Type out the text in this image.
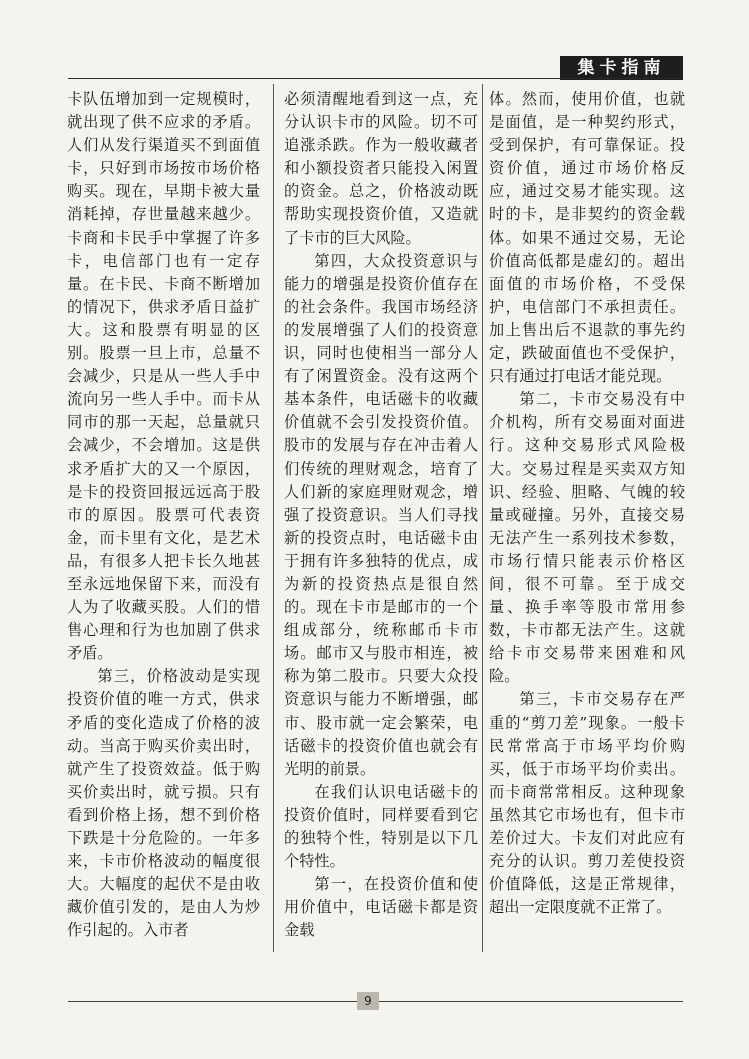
集卡指南

卡队伍增加到一定规模时，就出现了供不应求的矛盾。人们从发行渠道买不到面值卡，只好到市场按市场价格购买。现在，早期卡被大量消耗掉，存世量越来越少。卡商和卡民手中掌握了许多卡，电信部门也有一定存量。在卡民、卡商不断增加的情况下，供求矛盾日益扩大。这和股票有明显的区别。股票一旦上市，总量不会减少，只是从一些人手中流向另一些人手中。而卡从同市的那一天起，总量就只会减少，不会增加。这是供求矛盾扩大的又一个原因，是卡的投资回报远远高于股市的原因。股票可代表资金，而卡里有文化，是艺术品，有很多人把卡长久地甚至永远地保留下来，而没有人为了收藏买股。人们的惜售心理和行为也加剧了供求矛盾。

第三，价格波动是实现投资价值的唯一方式，供求矛盾的变化造成了价格的波动。当高于购买价卖出时，就产生了投资效益。低于购买价卖出时，就亏损。只有看到价格上扬，想不到价格下跌是十分危险的。一年多来，卡市价格波动的幅度很大。大幅度的起伏不是由收藏价值引发的，是由人为炒作引起的。入市者

必须清醒地看到这一点，充分认识卡市的风险。切不可追涨杀跌。作为一般收藏者和小额投资者只能投入闲置的资金。总之，价格波动既帮助实现投资价值，又造就了卡市的巨大风险。

第四，大众投资意识与能力的增强是投资价值存在的社会条件。我国市场经济的发展增强了人们的投资意识，同时也使相当一部分人有了闲置资金。没有这两个基本条件，电话磁卡的收藏价值就不会引发投资价值。股市的发展与存在冲击着人们传统的理财观念，培育了人们新的家庭理财观念，增强了投资意识。当人们寻找新的投资点时，电话磁卡由于拥有许多独特的优点，成为新的投资热点是很自然的。现在卡市是邮市的一个组成部分，统称邮币卡市场。邮市又与股市相连，被称为第二股市。只要大众投资意识与能力不断增强，邮市、股市就一定会繁荣，电话磁卡的投资价值也就会有光明的前景。

在我们认识电话磁卡的投资价值时，同样要看到它的独特个性，特别是以下几个特性。

第一，在投资价值和使用价值中，电话磁卡都是资金载

体。然而，使用价值，也就是面值，是一种契约形式，受到保护，有可靠保证。投资价值，通过市场价格反应，通过交易才能实现。这时的卡，是非契约的资金载体。如果不通过交易，无论价值高低都是虚幻的。超出面值的市场价格，不受保护，电信部门不承担责任。加上售出后不退款的事先约定，跌破面值也不受保护，只有通过打电话才能兑现。

第二，卡市交易没有中介机构，所有交易面对面进行。这种交易形式风险极大。交易过程是买卖双方知识、经验、胆略、气魄的较量或碰撞。另外，直接交易无法产生一系列技术参数，市场行情只能表示价格区间，很不可靠。至于成交量、换手率等股市常用参数，卡市都无法产生。这就给卡市交易带来困难和风险。

第三，卡市交易存在严重的“剪刀差”现象。一般卡民常常高于市场平均价购买，低于市场平均价卖出。而卡商常常相反。这种现象虽然其它市场也有，但卡市差价过大。卡友们对此应有充分的认识。剪刀差使投资价值降低，这是正常规律，超出一定限度就不正常了。

9
